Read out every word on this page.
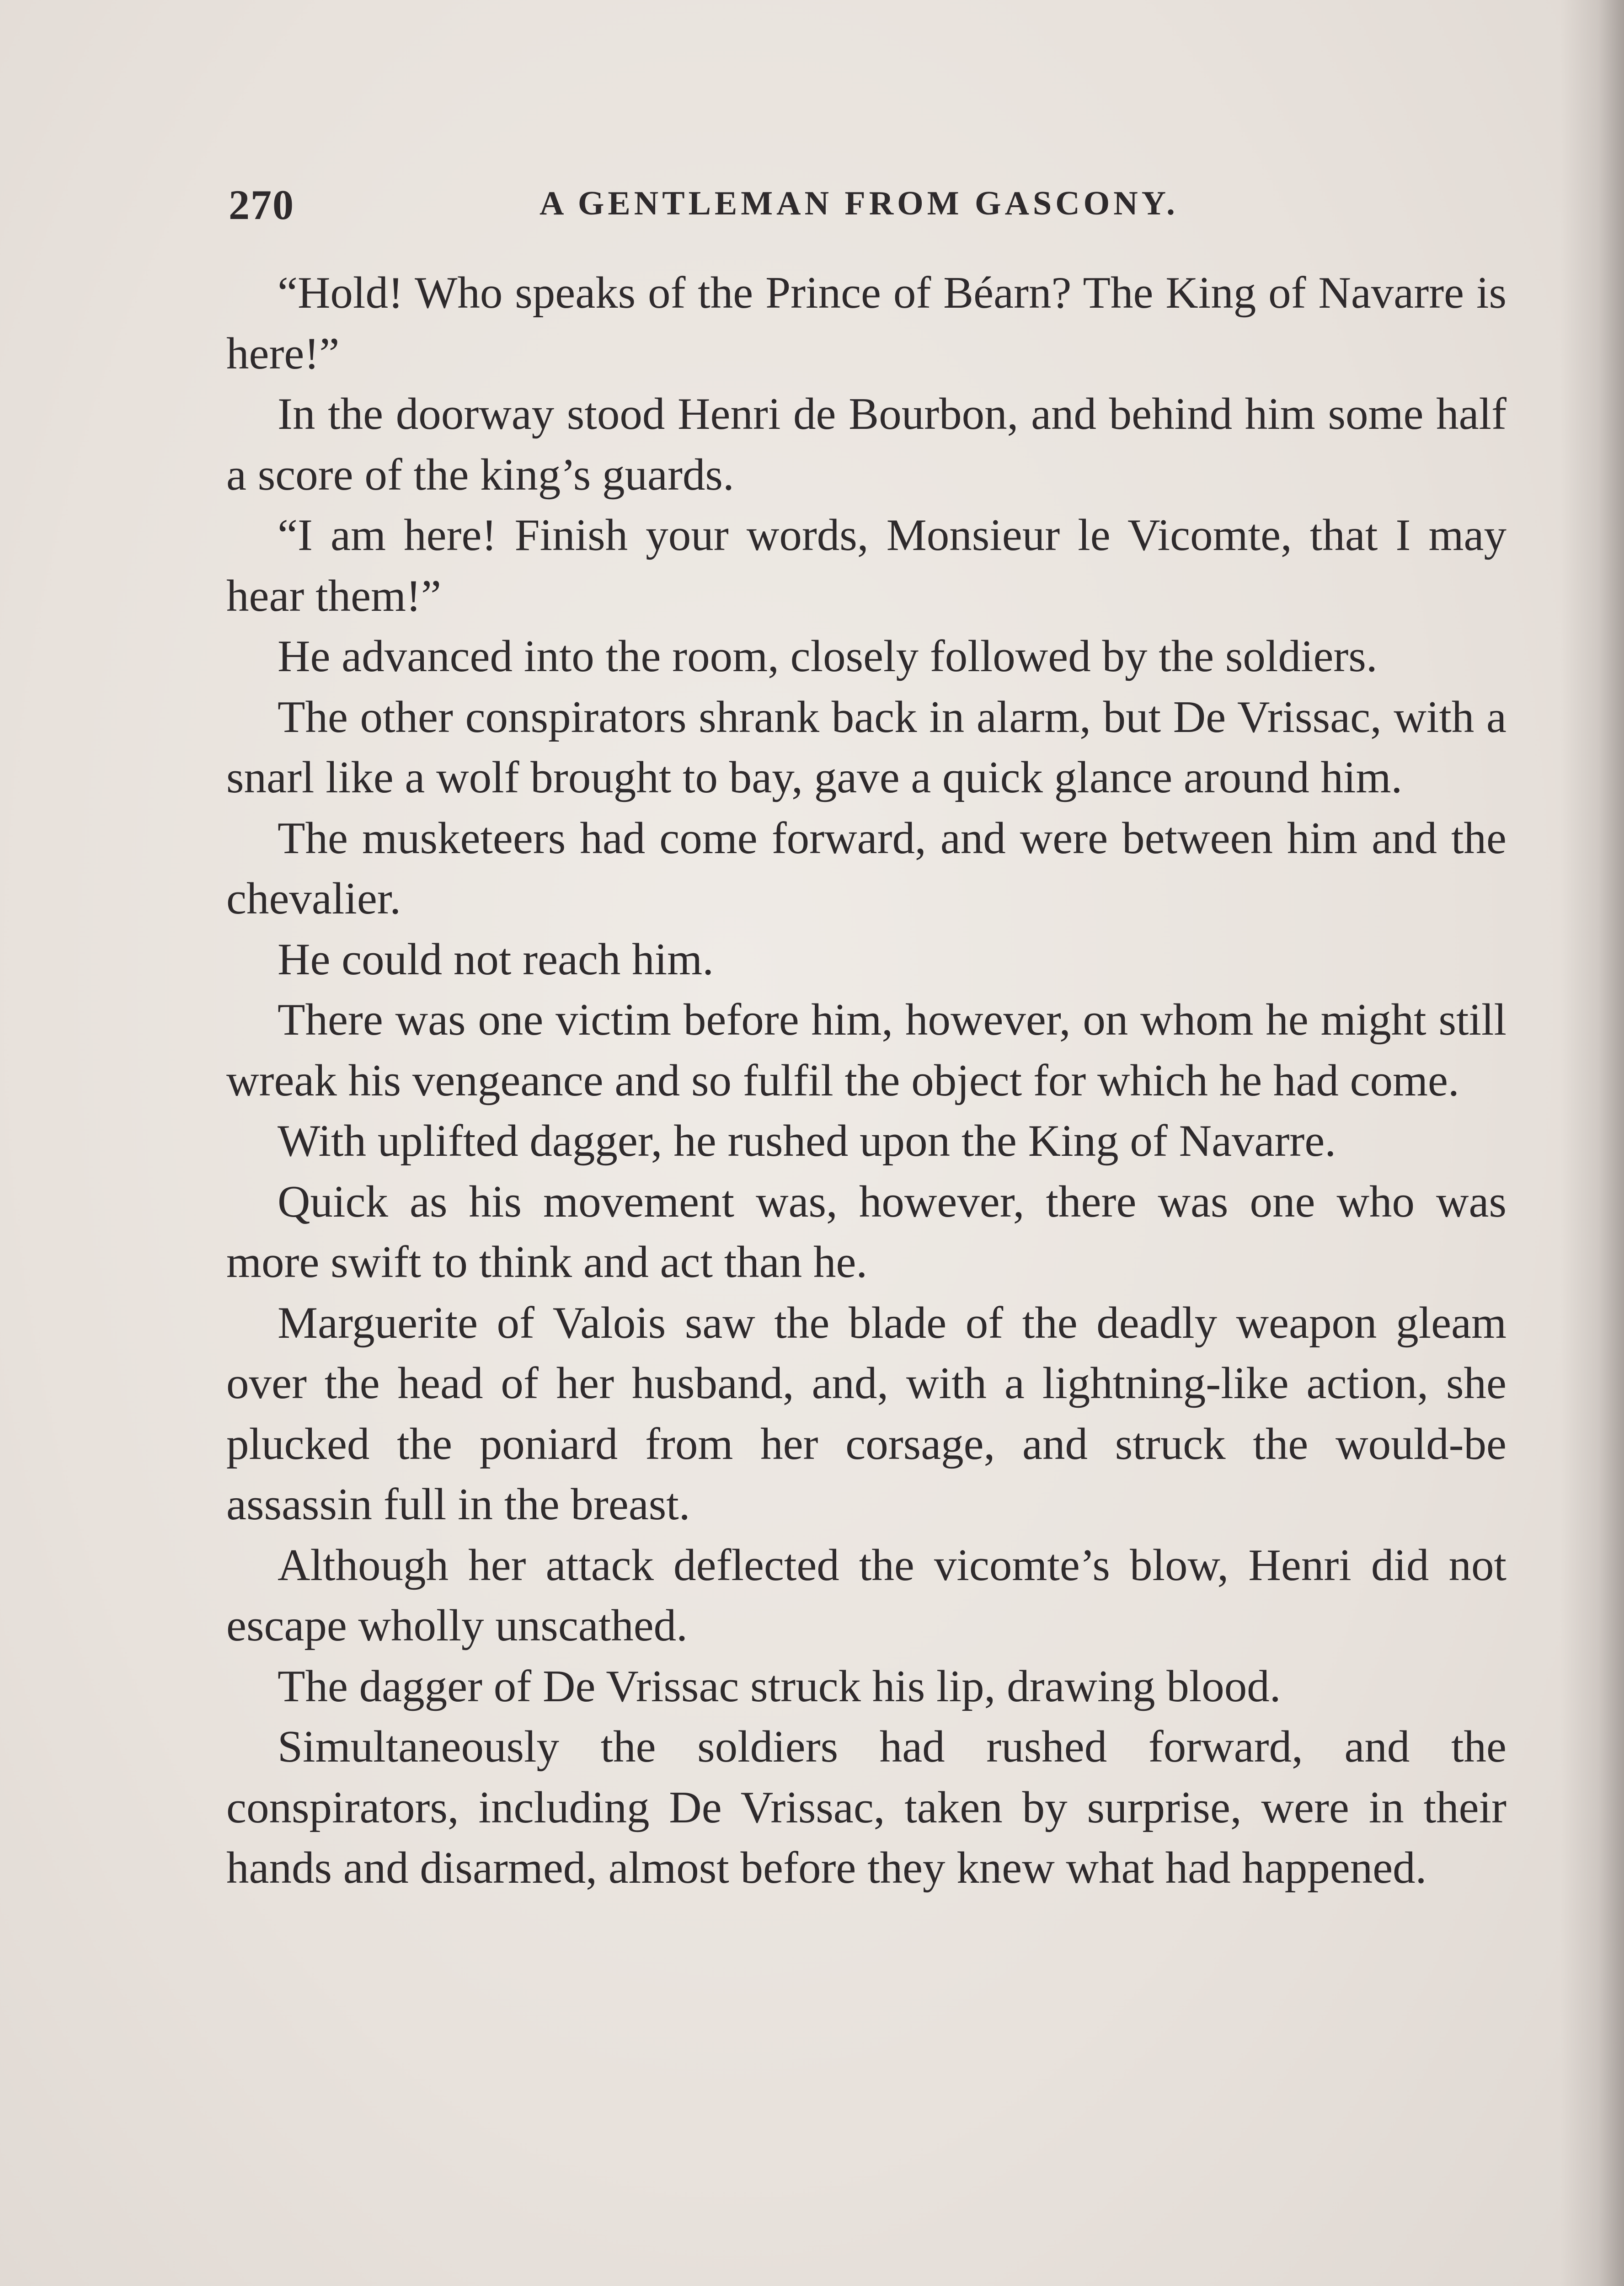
270	A GENTLEMAN FROM GASCONY.

“Hold! Who speaks of the Prince of Béarn? The King of Navarre is here!”

In the doorway stood Henri de Bourbon, and behind him some half a score of the king’s guards.

“I am here! Finish your words, Monsieur le Vicomte, that I may hear them!”

He advanced into the room, closely followed by the soldiers.

The other conspirators shrank back in alarm, but De Vrissac, with a snarl like a wolf brought to bay, gave a quick glance around him.

The musketeers had come forward, and were between him and the chevalier.

He could not reach him.

There was one victim before him, however, on whom he might still wreak his vengeance and so fulfil the object for which he had come.

With uplifted dagger, he rushed upon the King of Navarre.

Quick as his movement was, however, there was one who was more swift to think and act than he.

Marguerite of Valois saw the blade of the deadly weapon gleam over the head of her husband, and, with a lightning-like action, she plucked the poniard from her corsage, and struck the would-be assassin full in the breast.

Although her attack deflected the vicomte’s blow, Henri did not escape wholly unscathed.

The dagger of De Vrissac struck his lip, drawing blood.

Simultaneously the soldiers had rushed forward, and the conspirators, including De Vrissac, taken by surprise, were in their hands and disarmed, almost before they knew what had happened.
